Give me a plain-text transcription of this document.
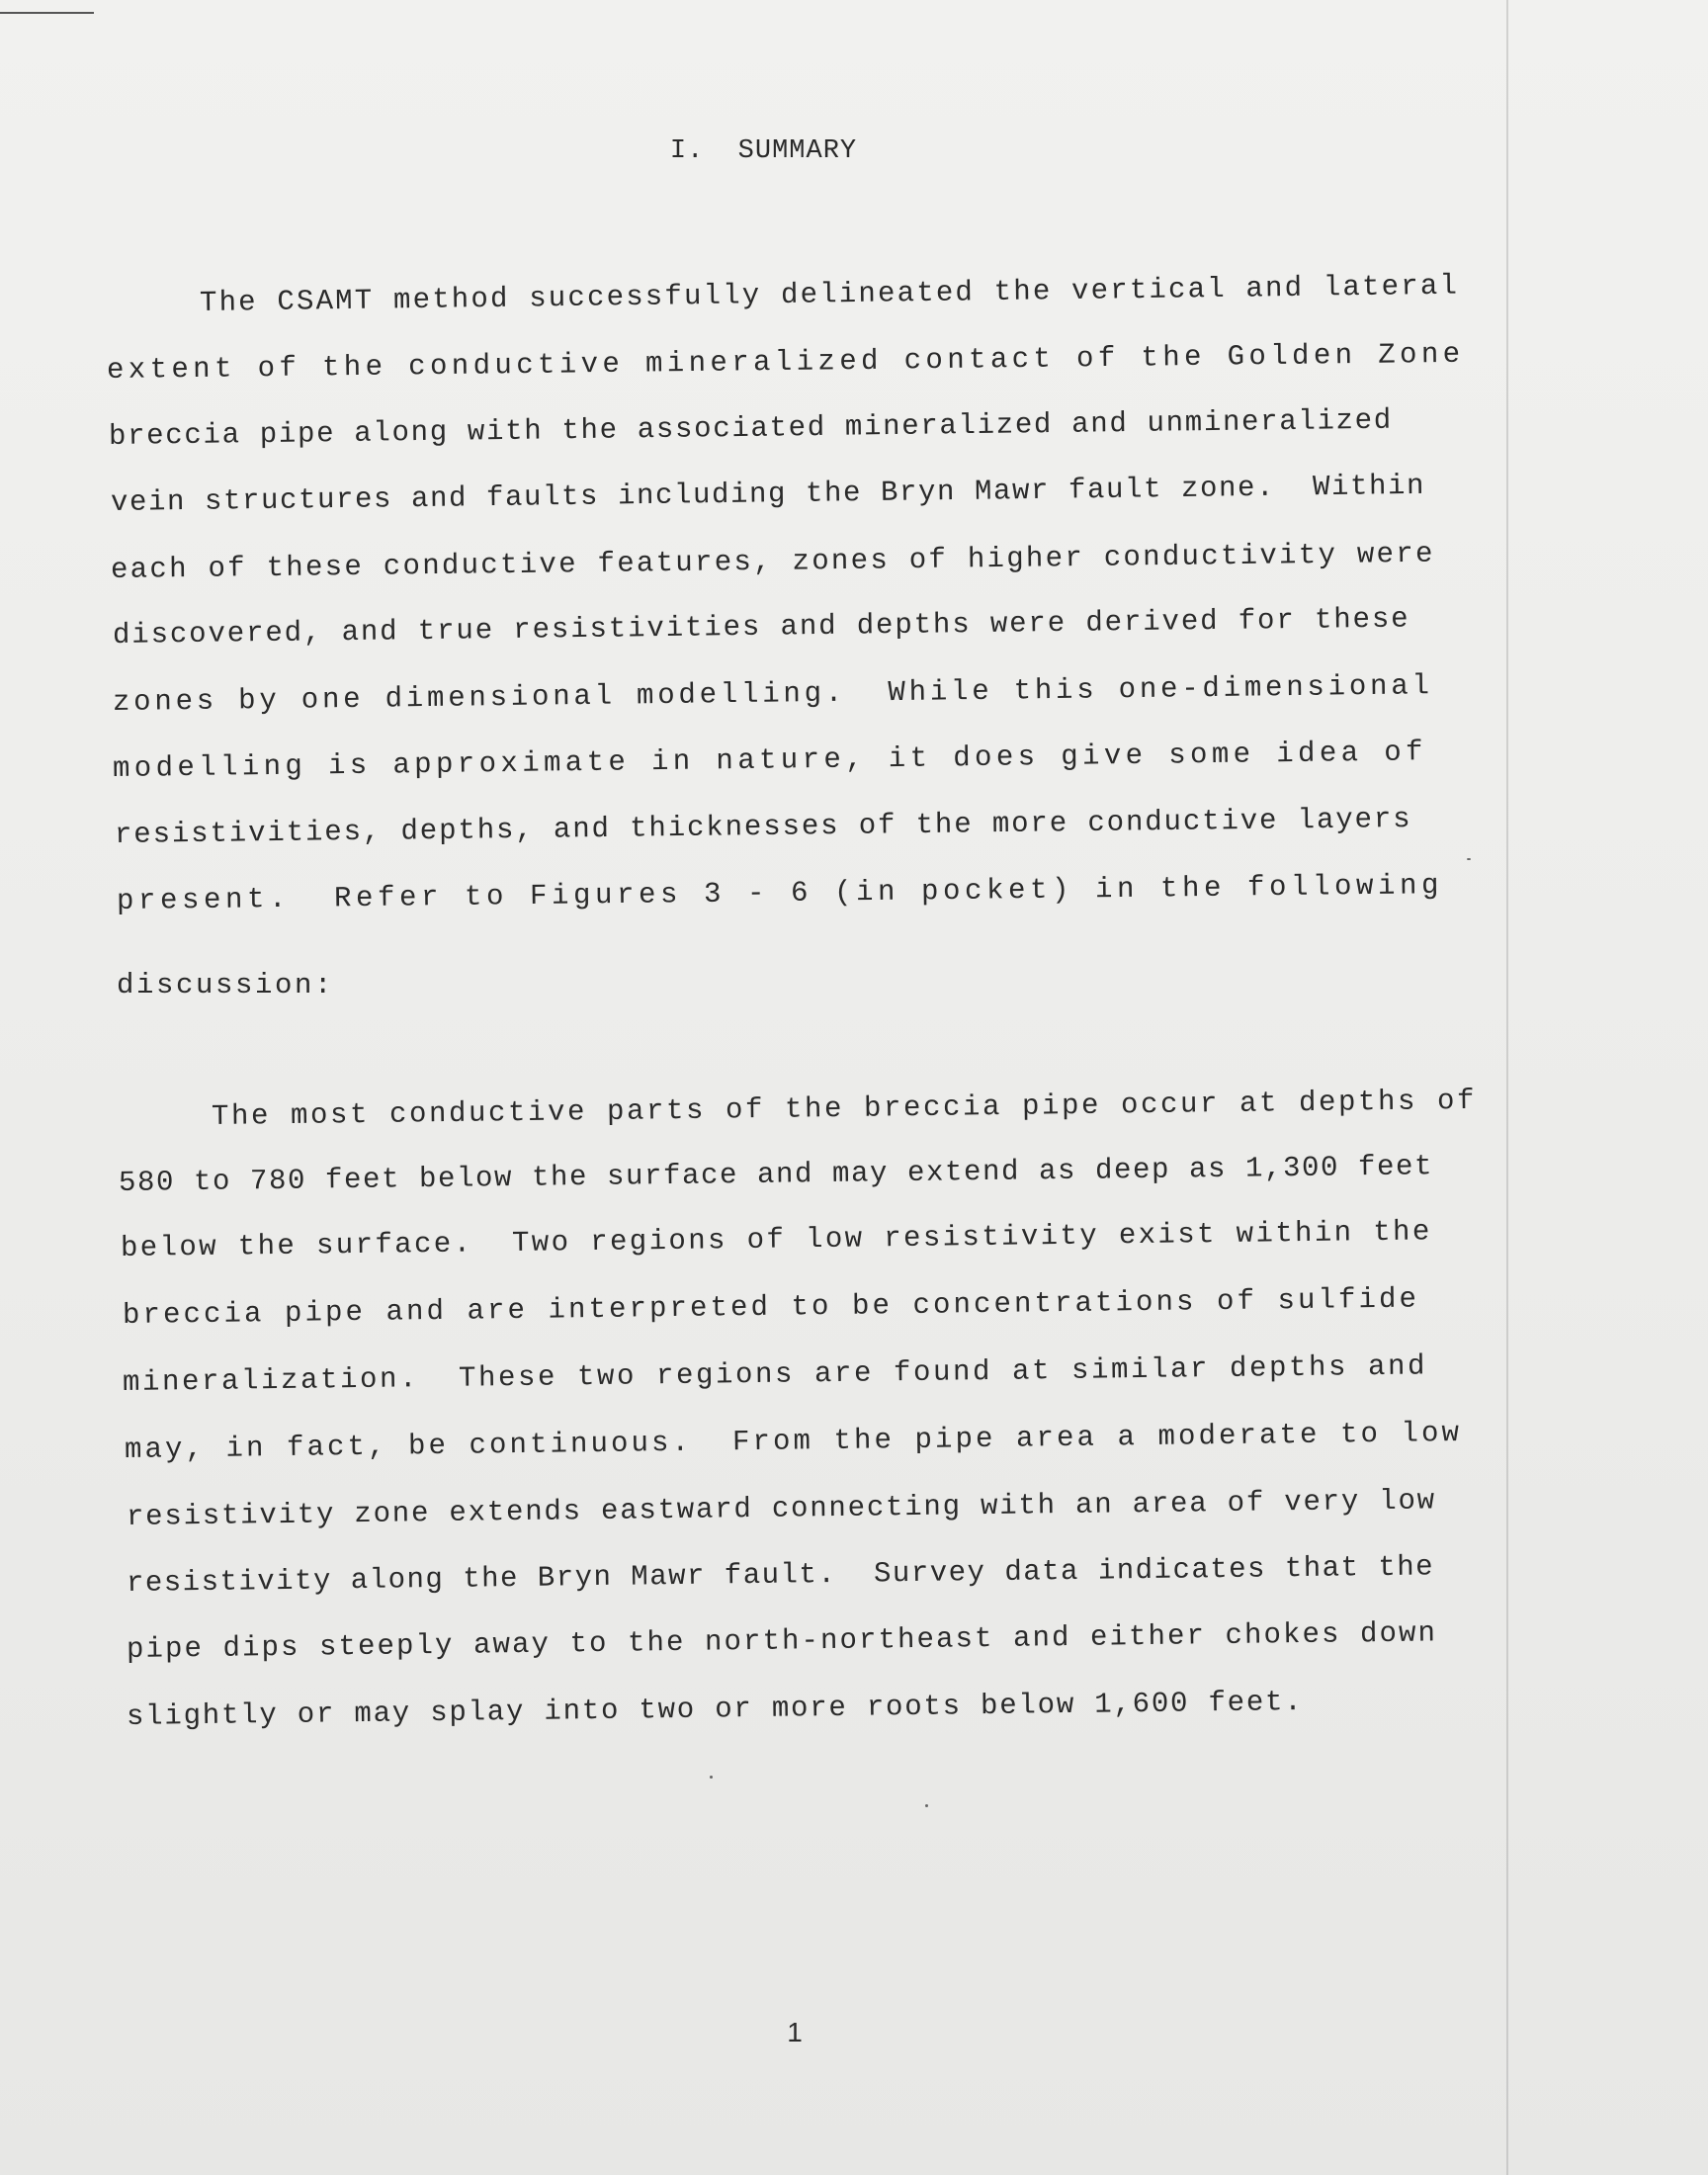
I.  SUMMARY
The CSAMT method successfully delineated the vertical and lateral
extent of the conductive mineralized contact of the Golden Zone
breccia pipe along with the associated mineralized and unmineralized
vein structures and faults including the Bryn Mawr fault zone.  Within
each of these conductive features, zones of higher conductivity were
discovered, and true resistivities and depths were derived for these
zones by one dimensional modelling.  While this one-dimensional
modelling is approximate in nature, it does give some idea of
resistivities, depths, and thicknesses of the more conductive layers
present.  Refer to Figures 3 - 6 (in pocket) in the following
discussion:
The most conductive parts of the breccia pipe occur at depths of
580 to 780 feet below the surface and may extend as deep as 1,300 feet
below the surface.  Two regions of low resistivity exist within the
breccia pipe and are interpreted to be concentrations of sulfide
mineralization.  These two regions are found at similar depths and
may, in fact, be continuous.  From the pipe area a moderate to low
resistivity zone extends eastward connecting with an area of very low
resistivity along the Bryn Mawr fault.  Survey data indicates that the
pipe dips steeply away to the north-northeast and either chokes down
slightly or may splay into two or more roots below 1,600 feet.
1
